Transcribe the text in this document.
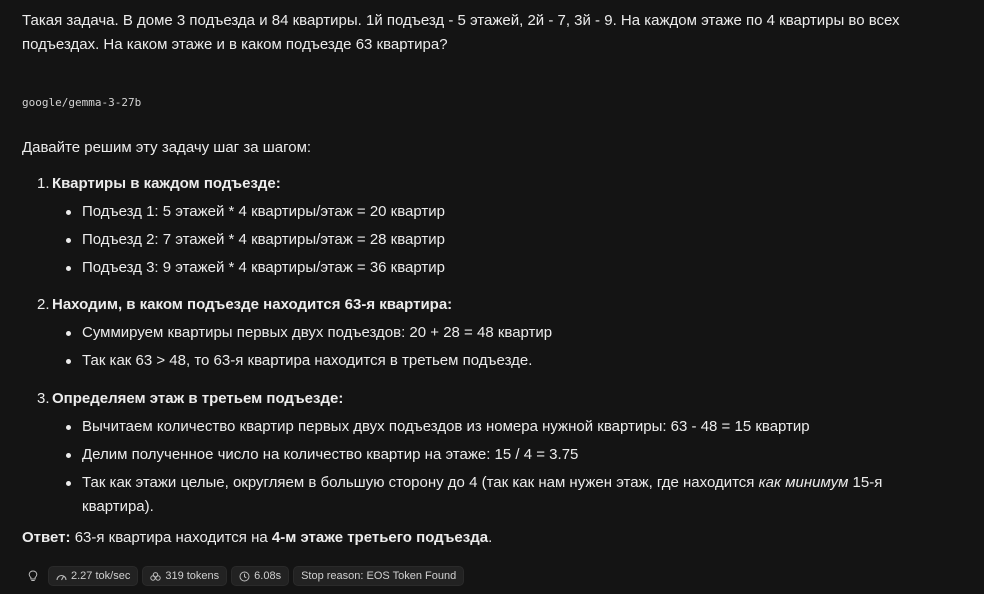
Такая задача. В доме 3 подъезда и 84 квартиры. 1й подъезд - 5 этажей, 2й - 7, 3й - 9. На каждом этаже по 4 квартиры во всех
подъездах. На каком этаже и в каком подъезде 63 квартира?
google/gemma-3-27b

Давайте решим эту задачу шаг за шагом:

1. Квартиры в каждом подъезде:
Подъезд 1: 5 этажей * 4 квартиры/этаж = 20 квартир
Подъезд 2: 7 этажей * 4 квартиры/этаж = 28 квартир
Подъезд 3: 9 этажей * 4 квартиры/этаж = 36 квартир
2. Находим, в каком подъезде находится 63-я квартира:
Суммируем квартиры первых двух подъездов: 20 + 28 = 48 квартир
Так как 63 > 48, то 63-я квартира находится в третьем подъезде.
3. Определяем этаж в третьем подъезде:
Вычитаем количество квартир первых двух подъездов из номера нужной квартиры: 63 - 48 = 15 квартир
Делим полученное число на количество квартир на этаже: 15 / 4 = 3.75
Так как этажи целые, округляем в большую сторону до 4 (так как нам нужен этаж, где находится как минимум 15-я
квартира).

Ответ: 63-я квартира находится на 4-м этаже третьего подъезда.

2.27 tok/sec	319 tokens	6.08s Stop reason: EOS Token Found
